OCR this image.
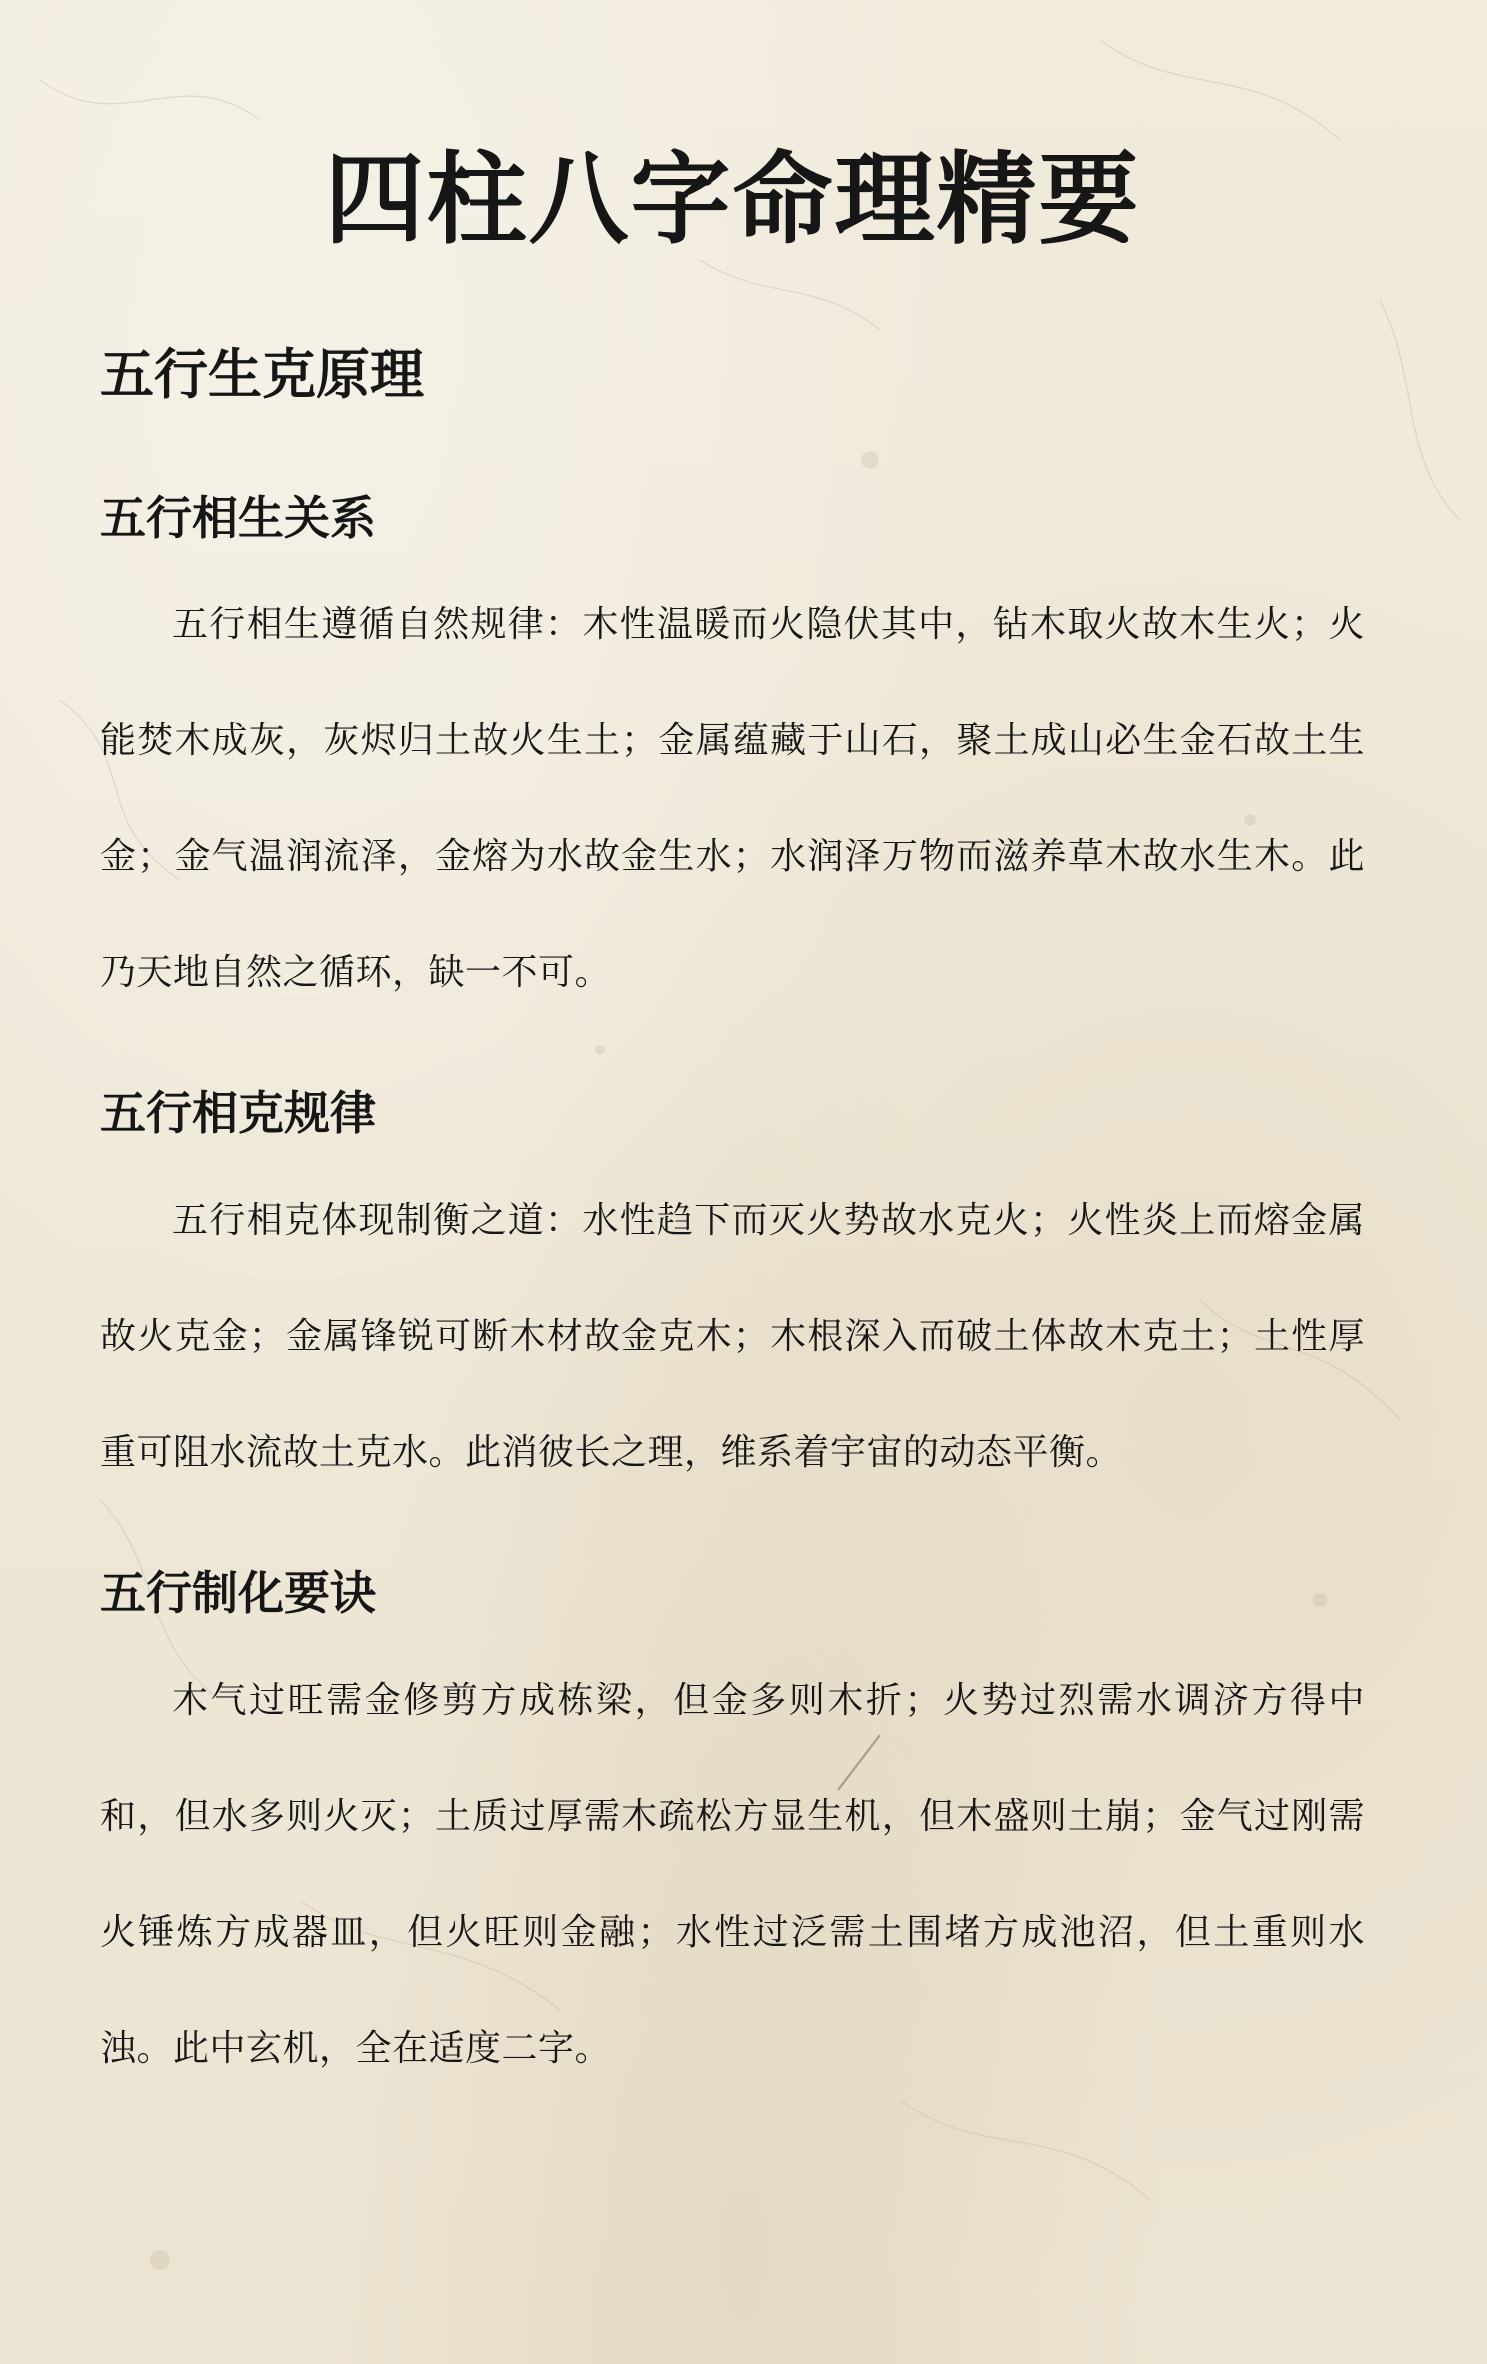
四柱八字命理精要
五行生克原理
五行相生关系

五行相生遵循自然规律：木性温暖而火隐伏其中，钻木取火故木生火；火能焚木成灰，灰烬归土故火生土；金属蕴藏于山石，聚土成山必生金石故土生金；金气温润流泽，金熔为水故金生水；水润泽万物而滋养草木故水生木。此乃天地自然之循环，缺一不可。

五行相克规律

五行相克体现制衡之道：水性趋下而灭火势故水克火；火性炎上而熔金属故火克金；金属锋锐可断木材故金克木；木根深入而破土体故木克土；土性厚重可阻水流故土克水。此消彼长之理，维系着宇宙的动态平衡。

五行制化要诀

木气过旺需金修剪方成栋梁，但金多则木折；火势过烈需水调济方得中和，但水多则火灭；土质过厚需木疏松方显生机，但木盛则土崩；金气过刚需火锤炼方成器皿，但火旺则金融；水性过泛需土围堵方成池沼，但土重则水浊。此中玄机，全在适度二字。
